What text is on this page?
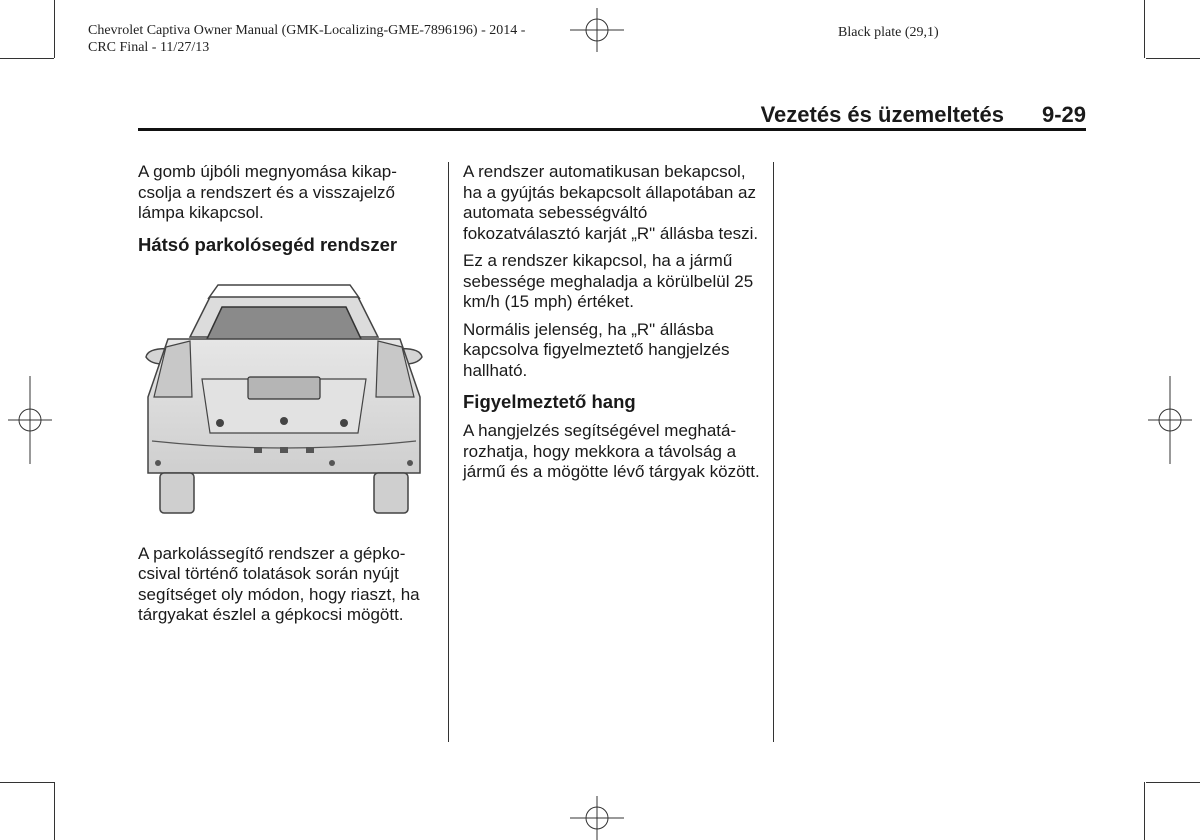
Chevrolet Captiva Owner Manual (GMK-Localizing-GME-7896196) - 2014 -
CRC Final - 11/27/13
Black plate (29,1)
Vezetés és üzemeltetés 9-29

A gomb újbóli megnyomása kikapcsolja a rendszert és a visszajelző lámpa kikapcsol.

Hátsó parkolósegéd rendszer

A parkolássegítő rendszer a gépkocsival történő tolatások során nyújt segítséget oly módon, hogy riaszt, ha tárgyakat észlel a gépkocsi mögött.

A rendszer automatikusan bekapcsol, ha a gyújtás bekapcsolt állapotában az automata sebességváltó fokozatválasztó karját „R" állásba teszi.

Ez a rendszer kikapcsol, ha a jármű sebessége meghaladja a körülbelül 25 km/h (15 mph) értéket.

Normális jelenség, ha „R" állásba kapcsolva figyelmeztető hangjelzés hallható.

Figyelmeztető hang

A hangjelzés segítségével meghatározhatja, hogy mekkora a távolság a jármű és a mögötte lévő tárgyak között.
